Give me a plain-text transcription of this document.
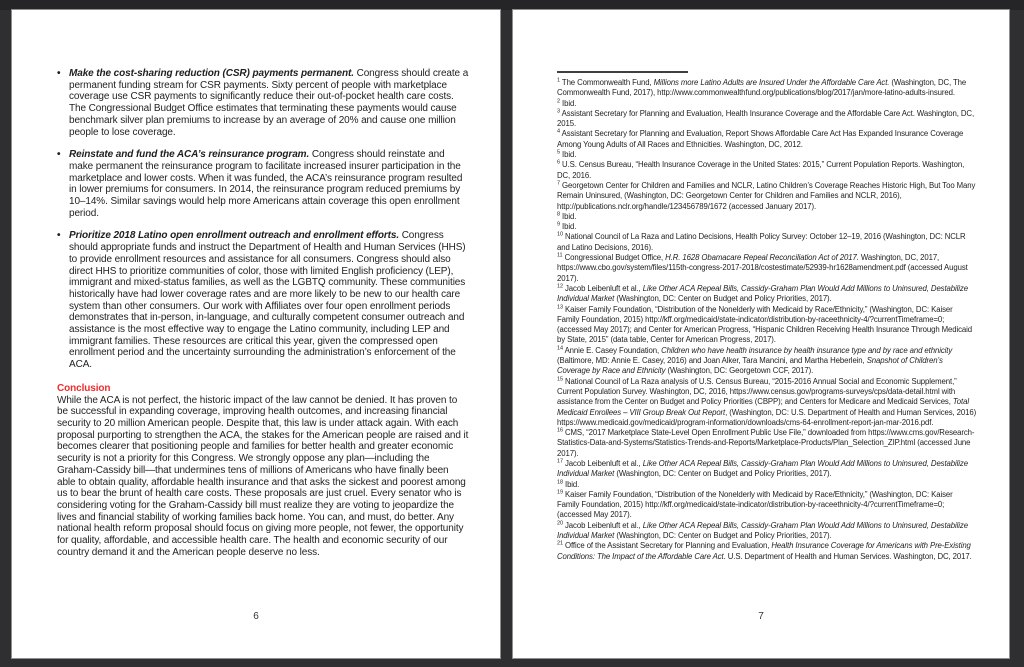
• Make the cost-sharing reduction (CSR) payments permanent. Congress should create a permanent funding stream for CSR payments. Sixty percent of people with marketplace coverage use CSR payments to significantly reduce their out-of-pocket health care costs. The Congressional Budget Office estimates that terminating these payments would cause benchmark silver plan premiums to increase by an average of 20% and cause one million people to lose coverage.
• Reinstate and fund the ACA’s reinsurance program. Congress should reinstate and make permanent the reinsurance program to facilitate increased insurer participation in the marketplace and lower costs. When it was funded, the ACA’s reinsurance program resulted in lower premiums for consumers. In 2014, the reinsurance program reduced premiums by 10–14%. Similar savings would help more Americans attain coverage this open enrollment period.
• Prioritize 2018 Latino open enrollment outreach and enrollment efforts. Congress should appropriate funds and instruct the Department of Health and Human Services (HHS) to provide enrollment resources and assistance for all consumers. Congress should also direct HHS to prioritize communities of color, those with limited English proficiency (LEP), immigrant and mixed-status families, as well as the LGBTQ community. These communities historically have had lower coverage rates and are more likely to be new to our health care system than other consumers. Our work with Affiliates over four open enrollment periods demonstrates that in-person, in-language, and culturally competent consumer outreach and assistance is the most effective way to engage the Latino community, including LEP and immigrant families. These resources are critical this year, given the compressed open enrollment period and the uncertainty surrounding the administration’s enforcement of the ACA.
Conclusion

While the ACA is not perfect, the historic impact of the law cannot be denied. It has proven to be successful in expanding coverage, improving health outcomes, and increasing financial security to 20 million American people. Despite that, this law is under attack again. With each proposal purporting to strengthen the ACA, the stakes for the American people are raised and it becomes clearer that positioning people and families for better health and greater economic security is not a priority for this Congress. We strongly oppose any plan—including the Graham-Cassidy bill—that undermines tens of millions of Americans who have finally been able to obtain quality, affordable health insurance and that asks the sickest and poorest among us to bear the brunt of health care costs. These proposals are just cruel. Every senator who is considering voting for the Graham-Cassidy bill must realize they are voting to jeopardize the lives and financial stability of working families back home. You can, and must, do better. Any national health reform proposal should focus on giving more people, not fewer, the opportunity for quality, affordable, and accessible health care. The health and economic security of our country demand it and the American people deserve no less.

6
$^1$ The Commonwealth Fund, Millions more Latino Adults are Insured Under the Affordable Care Act. (Washington, DC, The Commonwealth Fund, 2017), http://www.commonwealthfund.org/publications/blog/2017/jan/more-latino-adults-insured.
$^2$ Ibid.
$^3$ Assistant Secretary for Planning and Evaluation, Health Insurance Coverage and the Affordable Care Act. Washington, DC, 2015.
$^4$ Assistant Secretary for Planning and Evaluation, Report Shows Affordable Care Act Has Expanded Insurance Coverage Among Young Adults of All Races and Ethnicities. Washington, DC, 2012.
$^5$ Ibid.
$^6$ U.S. Census Bureau, “Health Insurance Coverage in the United States: 2015,” Current Population Reports. Washington, DC, 2016.
$^7$ Georgetown Center for Children and Families and NCLR, Latino Children’s Coverage Reaches Historic High, But Too Many Remain Uninsured, (Washington, DC: Georgetown Center for Children and Families and NCLR, 2016), http://publications.nclr.org/handle/123456789/1672 (accessed January 2017).
$^8$ Ibid.
$^9$ Ibid.
$^{10}$ National Council of La Raza and Latino Decisions, Health Policy Survey: October 12–19, 2016 (Washington, DC: NCLR and Latino Decisions, 2016).
$^{11}$ Congressional Budget Office, H.R. 1628 Obamacare Repeal Reconciliation Act of 2017. Washington, DC, 2017, https://www.cbo.gov/system/files/115th-congress-2017-2018/costestimate/52939-hr1628amendment.pdf (accessed August 2017).
$^{12}$ Jacob Leibenluft et al., Like Other ACA Repeal Bills, Cassidy-Graham Plan Would Add Millions to Uninsured, Destabilize Individual Market (Washington, DC: Center on Budget and Policy Priorities, 2017).
$^{13}$ Kaiser Family Foundation, “Distribution of the Nonelderly with Medicaid by Race/Ethnicity,” (Washington, DC: Kaiser Family Foundation, 2015) http://kff.org/medicaid/state-indicator/distribution-by-raceethnicity-4/?currentTimeframe=0; (accessed May 2017); and Center for American Progress, “Hispanic Children Receiving Health Insurance Through Medicaid by State, 2015” (data table, Center for American Progress, 2017).
$^{14}$ Annie E. Casey Foundation, Children who have health insurance by health insurance type and by race and ethnicity (Baltimore, MD: Annie E. Casey, 2016) and Joan Alker, Tara Mancini, and Martha Heberlein, Snapshot of Children’s Coverage by Race and Ethnicity (Washington, DC: Georgetown CCF, 2017).
$^{15}$ National Council of La Raza analysis of U.S. Census Bureau, “2015-2016 Annual Social and Economic Supplement,” Current Population Survey. Washington, DC, 2016, https://www.census.gov/programs-surveys/cps/data-detail.html with assistance from the Center on Budget and Policy Priorities (CBPP); and Centers for Medicare and Medicaid Services, Total Medicaid Enrollees – VIII Group Break Out Report, (Washington, DC: U.S. Department of Health and Human Services, 2016) https://www.medicaid.gov/medicaid/program-information/downloads/cms-64-enrollment-report-jan-mar-2016.pdf.
$^{16}$ CMS, “2017 Marketplace State-Level Open Enrollment Public Use File,” downloaded from https://www.cms.gov/Research-Statistics-Data-and-Systems/Statistics-Trends-and-Reports/Marketplace-Products/Plan_Selection_ZIP.html (accessed June 2017).
$^{17}$ Jacob Leibenluft et al., Like Other ACA Repeal Bills, Cassidy-Graham Plan Would Add Millions to Uninsured, Destabilize Individual Market (Washington, DC: Center on Budget and Policy Priorities, 2017).
$^{18}$ Ibid.
$^{19}$ Kaiser Family Foundation, “Distribution of the Nonelderly with Medicaid by Race/Ethnicity,” (Washington, DC: Kaiser Family Foundation, 2015) http://kff.org/medicaid/state-indicator/distribution-by-raceethnicity-4/?currentTimeframe=0; (accessed May 2017).
$^{20}$ Jacob Leibenluft et al., Like Other ACA Repeal Bills, Cassidy-Graham Plan Would Add Millions to Uninsured, Destabilize Individual Market (Washington, DC: Center on Budget and Policy Priorities, 2017).
$^{21}$ Office of the Assistant Secretary for Planning and Evaluation, Health Insurance Coverage for Americans with Pre-Existing Conditions: The Impact of the Affordable Care Act. U.S. Department of Health and Human Services. Washington, DC, 2017.
7
